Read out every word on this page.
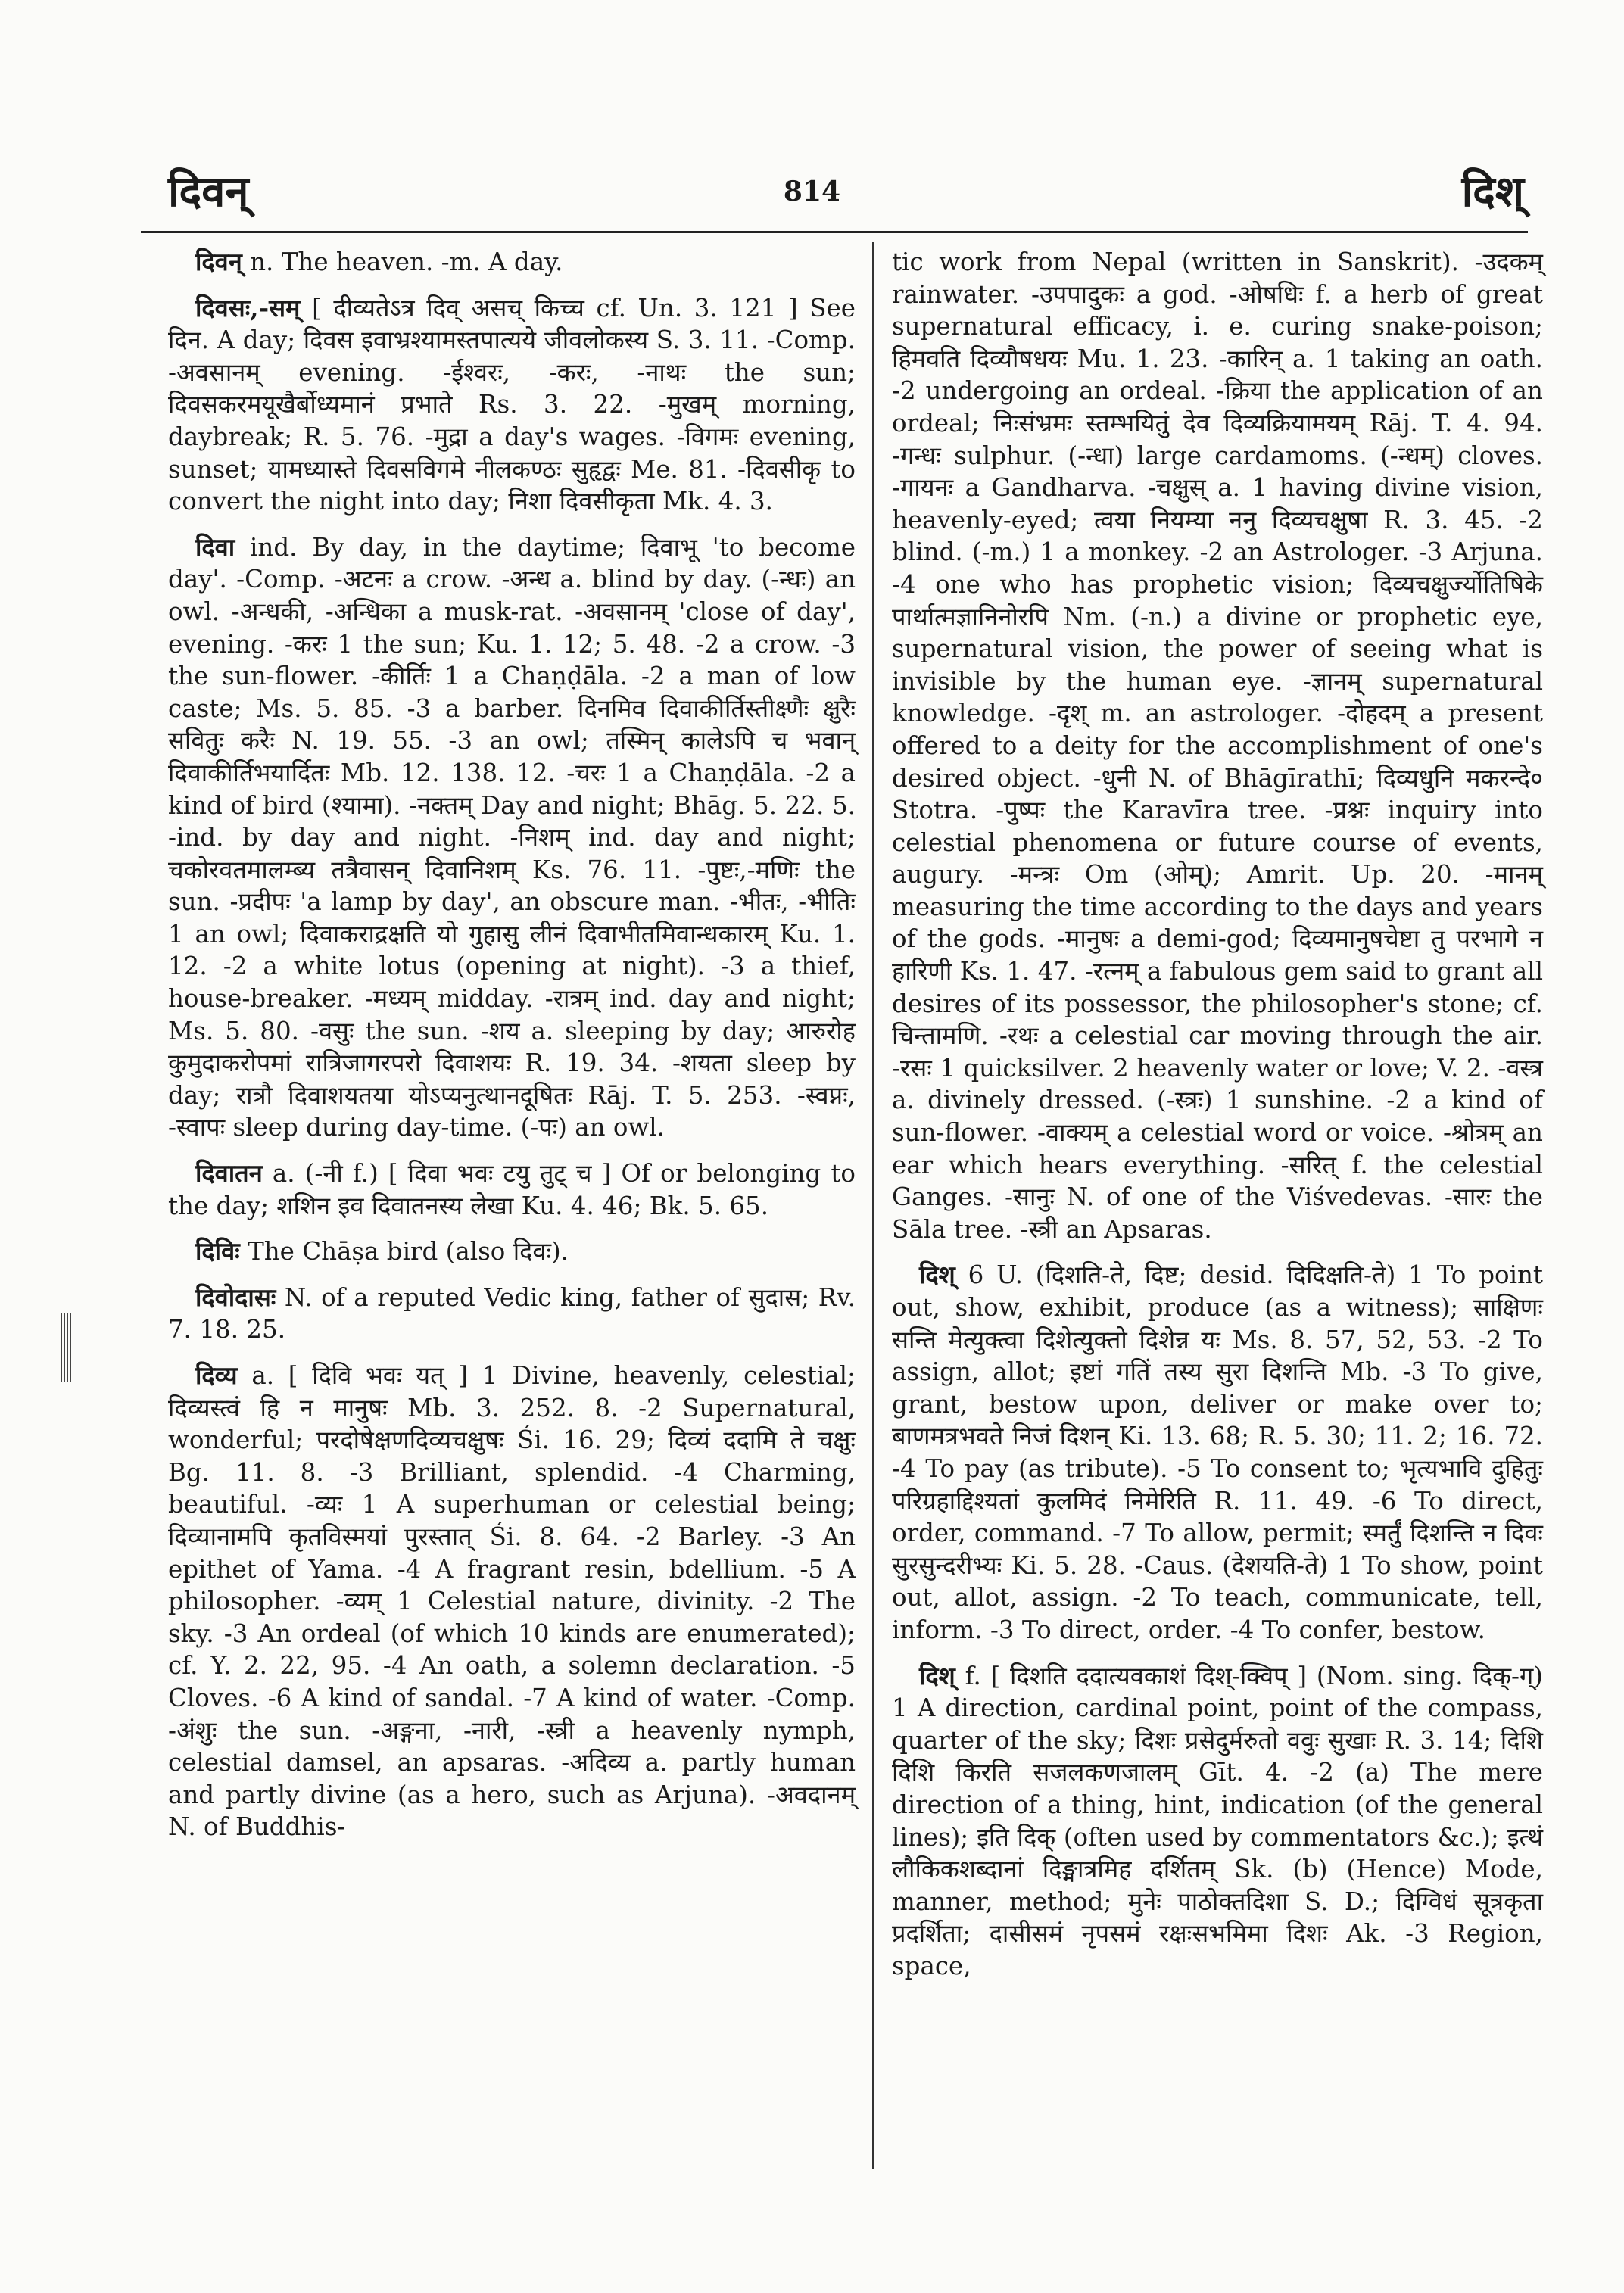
दिवन्	814	दिश्

दिवन् n. The heaven. -m. A day.

दिवसः,-सम् [ दीव्यतेऽत्र दिव् असच् किच्च cf. Un. 3. 121 ] See दिन. A day; दिवस इवाभ्रश्यामस्तपात्यये जीवलोकस्य S. 3. 11. -Comp. -अवसानम् evening. -ईश्वरः, -करः, -नाथः the sun; दिवसकरमयूखैर्बोध्यमानं प्रभाते Rs. 3. 22. -मुखम् morning, daybreak; R. 5. 76. -मुद्रा a day's wages. -विगमः evening, sunset; यामध्यास्ते दिवसविगमे नीलकण्ठः सुहृद्वः Me. 81. -दिवसीकृ to convert the night into day; निशा दिवसीकृता Mk. 4. 3.

दिवा ind. By day, in the daytime; दिवाभू 'to become day'. -Comp. -अटनः a crow. -अन्ध a. blind by day. (-न्धः) an owl. -अन्धकी, -अन्धिका a musk-rat. -अवसानम् 'close of day', evening. -करः 1 the sun; Ku. 1. 12; 5. 48. -2 a crow. -3 the sun-flower. -कीर्तिः 1 a Chaṇḍāla. -2 a man of low caste; Ms. 5. 85. -3 a barber. दिनमिव दिवाकीर्तिस्तीक्ष्णैः क्षुरैः सवितुः करैः N. 19. 55. -3 an owl; तस्मिन् कालेऽपि च भवान् दिवाकीर्तिभयार्दितः Mb. 12. 138. 12. -चरः 1 a Chaṇḍāla. -2 a kind of bird (श्यामा). -नक्तम् Day and night; Bhāg. 5. 22. 5. -ind. by day and night. -निशम् ind. day and night; चकोरवतमालम्ब्य तत्रैवासन् दिवानिशम् Ks. 76. 11. -पुष्टः,-मणिः the sun. -प्रदीपः 'a lamp by day', an obscure man. -भीतः, -भीतिः 1 an owl; दिवाकराद्रक्षति यो गुहासु लीनं दिवाभीतमिवान्धकारम् Ku. 1. 12. -2 a white lotus (opening at night). -3 a thief, house-breaker. -मध्यम् midday. -रात्रम् ind. day and night; Ms. 5. 80. -वसुः the sun. -शय a. sleeping by day; आरुरोह कुमुदाकरोपमां रात्रिजागरपरो दिवाशयः R. 19. 34. -शयता sleep by day; रात्रौ दिवाशयतया योऽप्यनुत्थानदूषितः Rāj. T. 5. 253. -स्वप्नः, -स्वापः sleep during day-time. (-पः) an owl.

दिवातन a. (-नी f.) [ दिवा भवः टयु तुट् च ] Of or belonging to the day; शशिन इव दिवातनस्य लेखा Ku. 4. 46; Bk. 5. 65.

दिविः The Chāṣa bird (also दिवः).

दिवोदासः N. of a reputed Vedic king, father of सुदास; Rv. 7. 18. 25.

दिव्य a. [ दिवि भवः यत् ] 1 Divine, heavenly, celestial; दिव्यस्त्वं हि न मानुषः Mb. 3. 252. 8. -2 Supernatural, wonderful; परदोषेक्षणदिव्यचक्षुषः Śi. 16. 29; दिव्यं ददामि ते चक्षुः Bg. 11. 8. -3 Brilliant, splendid. -4 Charming, beautiful. -व्यः 1 A superhuman or celestial being; दिव्यानामपि कृतविस्मयां पुरस्तात् Śi. 8. 64. -2 Barley. -3 An epithet of Yama. -4 A fragrant resin, bdellium. -5 A philosopher. -व्यम् 1 Celestial nature, divinity. -2 The sky. -3 An ordeal (of which 10 kinds are enumerated); cf. Y. 2. 22, 95. -4 An oath, a solemn declaration. -5 Cloves. -6 A kind of sandal. -7 A kind of water. -Comp. -अंशुः the sun. -अङ्गना, -नारी, -स्त्री a heavenly nymph, celestial damsel, an apsaras. -अदिव्य a. partly human and partly divine (as a hero, such as Arjuna). -अवदानम् N. of Buddhis-

tic work from Nepal (written in Sanskrit). -उदकम् rainwater. -उपपादुकः a god. -ओषधिः f. a herb of great supernatural efficacy, i. e. curing snake-poison; हिमवति दिव्यौषधयः Mu. 1. 23. -कारिन् a. 1 taking an oath. -2 undergoing an ordeal. -क्रिया the application of an ordeal; निःसंभ्रमः स्तम्भयितुं देव दिव्यक्रियामयम् Rāj. T. 4. 94. -गन्धः sulphur. (-न्धा) large cardamoms. (-न्धम्) cloves. -गायनः a Gandharva. -चक्षुस् a. 1 having divine vision, heavenly-eyed; त्वया नियम्या ननु दिव्यचक्षुषा R. 3. 45. -2 blind. (-m.) 1 a monkey. -2 an Astrologer. -3 Arjuna. -4 one who has prophetic vision; दिव्यचक्षुर्ज्योतिषिके पार्थात्मज्ञानिनोरपि Nm. (-n.) a divine or prophetic eye, supernatural vision, the power of seeing what is invisible by the human eye. -ज्ञानम् supernatural knowledge. -दृश् m. an astrologer. -दोहदम् a present offered to a deity for the accomplishment of one's desired object. -धुनी N. of Bhāgīrathī; दिव्यधुनि मकरन्दे० Stotra. -पुष्पः the Karavīra tree. -प्रश्नः inquiry into celestial phenomena or future course of events, augury. -मन्त्रः Om (ओम्); Amrit. Up. 20. -मानम् measuring the time according to the days and years of the gods. -मानुषः a demi-god; दिव्यमानुषचेष्टा तु परभागे न हारिणी Ks. 1. 47. -रत्नम् a fabulous gem said to grant all desires of its possessor, the philosopher's stone; cf. चिन्तामणि. -रथः a celestial car moving through the air. -रसः 1 quicksilver. 2 heavenly water or love; V. 2. -वस्त्र a. divinely dressed. (-स्त्रः) 1 sunshine. -2 a kind of sun-flower. -वाक्यम् a celestial word or voice. -श्रोत्रम् an ear which hears everything. -सरित् f. the celestial Ganges. -सानुः N. of one of the Viśvedevas. -सारः the Sāla tree. -स्त्री an Apsaras.

दिश् 6 U. (दिशति-ते, दिष्ट; desid. दिदिक्षति-ते) 1 To point out, show, exhibit, produce (as a witness); साक्षिणः सन्ति मेत्युक्त्वा दिशेत्युक्तो दिशेन्न यः Ms. 8. 57, 52, 53. -2 To assign, allot; इष्टां गतिं तस्य सुरा दिशन्ति Mb. -3 To give, grant, bestow upon, deliver or make over to; बाणमत्रभवते निजं दिशन् Ki. 13. 68; R. 5. 30; 11. 2; 16. 72. -4 To pay (as tribute). -5 To consent to; भृत्यभावि दुहितुः परिग्रहाद्दिश्यतां कुलमिदं निमेरिति R. 11. 49. -6 To direct, order, command. -7 To allow, permit; स्मर्तुं दिशन्ति न दिवः सुरसुन्दरीभ्यः Ki. 5. 28. -Caus. (देशयति-ते) 1 To show, point out, allot, assign. -2 To teach, communicate, tell, inform. -3 To direct, order. -4 To confer, bestow.

दिश् f. [ दिशति ददात्यवकाशं दिश्-क्विप् ] (Nom. sing. दिक्-ग्) 1 A direction, cardinal point, point of the compass, quarter of the sky; दिशः प्रसेदुर्मरुतो ववुः सुखाः R. 3. 14; दिशि दिशि किरति सजलकणजालम् Gīt. 4. -2 (a) The mere direction of a thing, hint, indication (of the general lines); इति दिक् (often used by commentators &c.); इत्थं लौकिकशब्दानां दिङ्मात्रमिह दर्शितम् Sk. (b) (Hence) Mode, manner, method; मुनेः पाठोक्तदिशा S. D.; दिग्विधं सूत्रकृता प्रदर्शिता; दासीसमं नृपसमं रक्षःसभमिमा दिशः Ak. -3 Region, space,
